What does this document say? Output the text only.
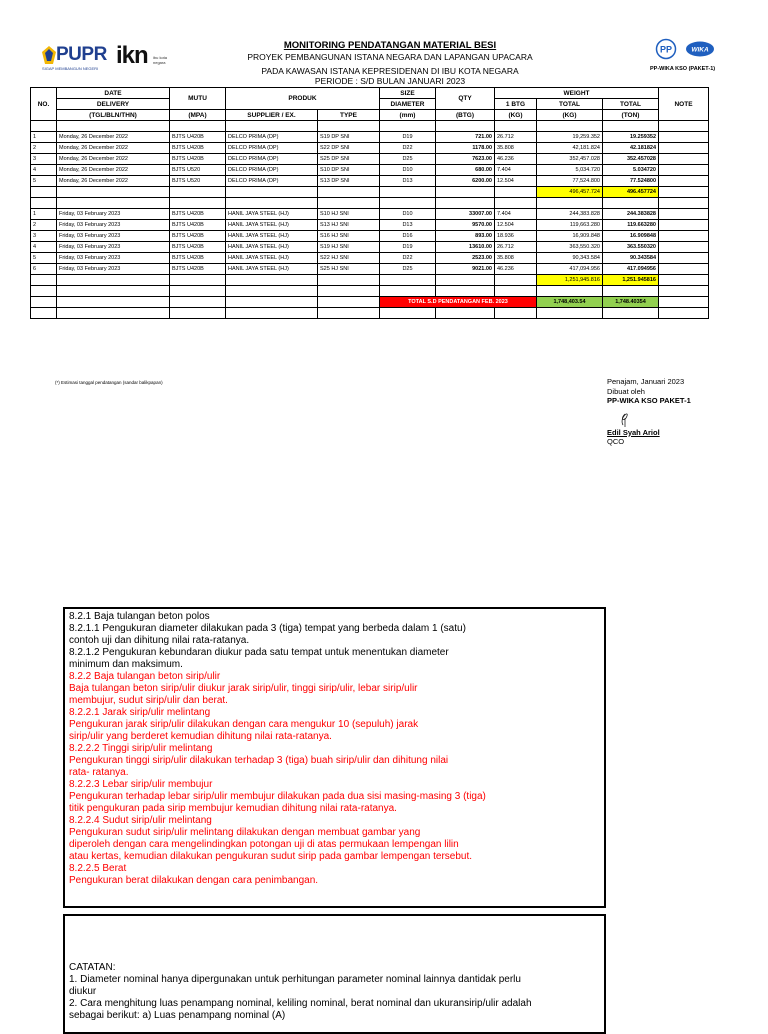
PUPR
SIGAP MEMBANGUN NEGERI ikn ibu kota negara
MONITORING PENDATANGAN MATERIAL BESI
PROYEK PEMBANGUNAN ISTANA NEGARA DAN LAPANGAN UPACARA
PADA KAWASAN ISTANA KEPRESIDENAN DI IBU KOTA NEGARA
PERIODE : S/D BULAN JANUARI 2023
PP	WIKA
PP-WIKA KSO (PAKET-1)
NO.	DATE	MUTU	PRODUK		SIZE	QTY	WEIGHT			NOTE
	DELIVERY				DIAMETER		1 BTG	TOTAL	TOTAL	
	(TGL/BLN/THN)	(MPA)	SUPPLIER / EX.	TYPE	(mm)	(BTG)	(KG)	(KG)	(TON)	

1	Monday, 26 December 2022	BJTS U420B	DELCO PRIMA (DP)	S19 DP SNI	D19	721.00	26.712	19,259.352	19.259352	
2	Monday, 26 December 2022	BJTS U420B	DELCO PRIMA (DP)	S22 DP SNI	D22	1178.00	35.808	42,181.824	42.181824	
3	Monday, 26 December 2022	BJTS U420B	DELCO PRIMA (DP)	S25 DP SNI	D25	7623.00	46.236	352,457.028	352.457028	
4	Monday, 26 December 2022	BJTS U520	DELCO PRIMA (DP)	S10 DP SNI	D10	680.00	7.404	5,034.720	5.034720	
5	Monday, 26 December 2022	BJTS U520	DELCO PRIMA (DP)	S13 DP SNI	D13	6200.00	12.504	77,524.800	77.524800	
								496,457.724	496.457724	

1	Friday, 03 February 2023	BJTS U420B	HANIL JAYA STEEL (HJ)	S10 HJ SNI	D10	33007.00	7.404	244,383.828	244.383828	
2	Friday, 03 February 2023	BJTS U420B	HANIL JAYA STEEL (HJ)	S13 HJ SNI	D13	9570.00	12.504	119,663.280	119.663280	
3	Friday, 03 February 2023	BJTS U420B	HANIL JAYA STEEL (HJ)	S16 HJ SNI	D16	893.00	18.936	16,909.848	16.909848	
4	Friday, 03 February 2023	BJTS U420B	HANIL JAYA STEEL (HJ)	S19 HJ SNI	D19	13610.00	26.712	363,550.320	363.550320	
5	Friday, 03 February 2023	BJTS U420B	HANIL JAYA STEEL (HJ)	S22 HJ SNI	D22	2523.00	35.808	90,343.584	90.343584	
6	Friday, 03 February 2023	BJTS U420B	HANIL JAYA STEEL (HJ)	S25 HJ SNI	D25	9021.00	46.236	417,094.956	417.094956	
								1,251,945.816	1,251.945816	

					TOTAL S.D PENDATANGAN FEB. 2023			1,748,403.54	1,748.40354	

(*) Estimasi tanggal pendatangan (sandar balikpapan)	Penajam, Januari 2023
Dibuat oleh
PP-WIKA KSO PAKET-1
Edil Syah Ariol
QCO
8.2.1 Baja tulangan beton polos
8.2.1.1 Pengukuran diameter dilakukan pada 3 (tiga) tempat yang berbeda dalam 1 (satu)
contoh uji dan dihitung nilai rata-ratanya.
8.2.1.2 Pengukuran kebundaran diukur pada satu tempat untuk menentukan diameter
minimum dan maksimum.
8.2.2 Baja tulangan beton sirip/ulir
Baja tulangan beton sirip/ulir diukur jarak sirip/ulir, tinggi sirip/ulir, lebar sirip/ulir
membujur, sudut sirip/ulir dan berat.
8.2.2.1 Jarak sirip/ulir melintang
Pengukuran jarak sirip/ulir dilakukan dengan cara mengukur 10 (sepuluh) jarak
sirip/ulir yang berderet kemudian dihitung nilai rata-ratanya.
8.2.2.2 Tinggi sirip/ulir melintang
Pengukuran tinggi sirip/ulir dilakukan terhadap 3 (tiga) buah sirip/ulir dan dihitung nilai
rata- ratanya.
8.2.2.3 Lebar sirip/ulir membujur
Pengukuran terhadap lebar sirip/ulir membujur dilakukan pada dua sisi masing-masing 3 (tiga)
titik pengukuran pada sirip membujur kemudian dihitung nilai rata-ratanya.
8.2.2.4 Sudut sirip/ulir melintang
Pengukuran sudut sirip/ulir melintang dilakukan dengan membuat gambar yang
diperoleh dengan cara mengelindingkan potongan uji di atas permukaan lempengan lilin
atau kertas, kemudian dilakukan pengukuran sudut sirip pada gambar lempengan tersebut.
8.2.2.5 Berat
Pengukuran berat dilakukan dengan cara penimbangan.
CATATAN:
1. Diameter nominal hanya dipergunakan untuk perhitungan parameter nominal lainnya dantidak perlu
diukur
2. Cara menghitung luas penampang nominal, keliling nominal, berat nominal dan ukuransirip/ulir adalah
sebagai berikut: a) Luas penampang nominal (A)
